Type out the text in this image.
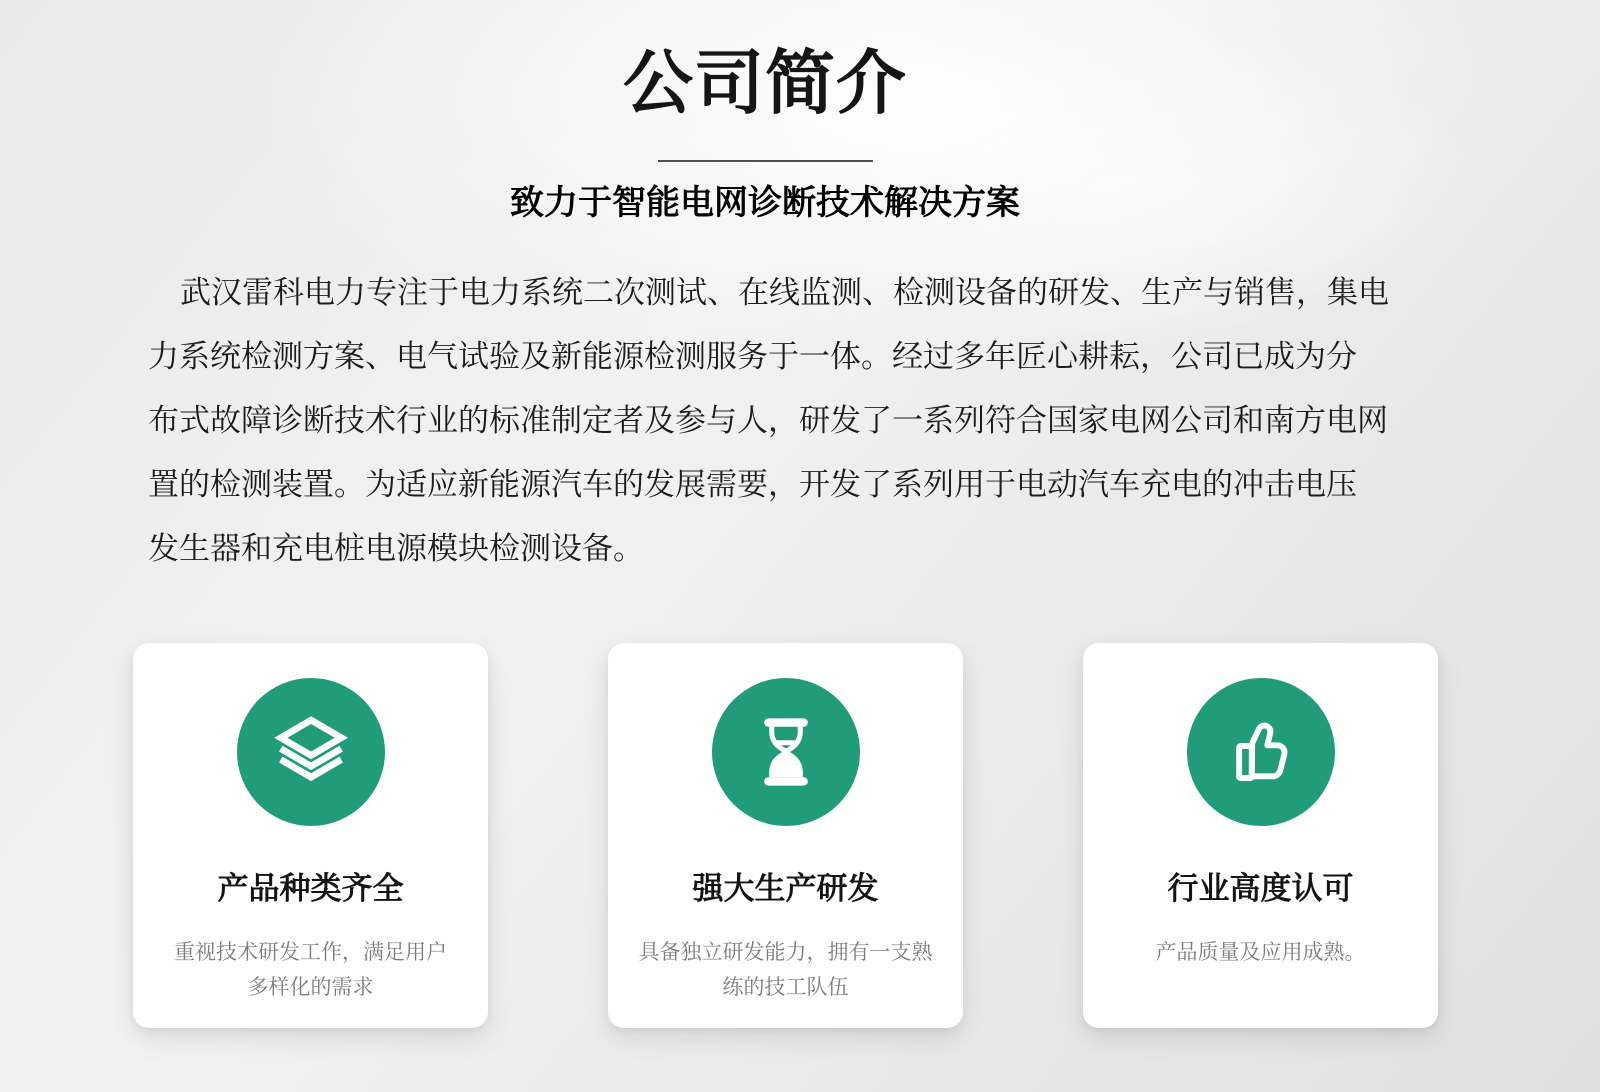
公司简介
致力于智能电网诊断技术解决方案
武汉雷科电力专注于电力系统二次测试、在线监测、检测设备的研发、生产与销售，集电
力系统检测方案、电气试验及新能源检测服务于一体。经过多年匠心耕耘，公司已成为分
布式故障诊断技术行业的标准制定者及参与人，研发了一系列符合国家电网公司和南方电网
置的检测装置。为适应新能源汽车的发展需要，开发了系列用于电动汽车充电的冲击电压
发生器和充电桩电源模块检测设备。
产品种类齐全
重视技术研发工作，满足用户
多样化的需求
强大生产研发
具备独立研发能力，拥有一支熟
练的技工队伍
行业高度认可
产品质量及应用成熟。
